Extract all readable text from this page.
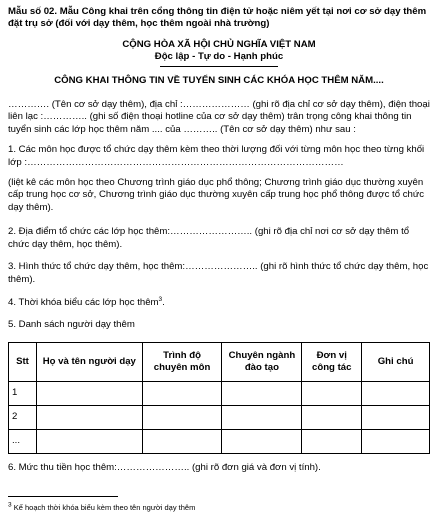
Mẫu số 02. Mẫu Công khai trên cổng thông tin điện tử hoặc niêm yết tại nơi cơ sở dạy thêm đặt trụ sở (đối với dạy thêm, học thêm ngoài nhà trường)

CỘNG HÒA XÃ HỘI CHỦ NGHĨA VIỆT NAM

Độc lập - Tự do - Hạnh phúc

CÔNG KHAI THÔNG TIN VỀ TUYỂN SINH CÁC KHÓA HỌC THÊM NĂM....

…………. (Tên cơ sở dạy thêm), địa chỉ :………………… (ghi rõ địa chỉ cơ sở dạy thêm), điện thoại liên lạc :………….. (ghi số điện thoại hotline của cơ sở dạy thêm) trân trọng công khai thông tin tuyển sinh các lớp học thêm năm .... của ……….. (Tên cơ sở dạy thêm) như sau :

1. Các môn học được tổ chức dạy thêm kèm theo thời lượng đối với từng môn học theo từng khối lớp :………………………………………………………………………………………

(liệt kê các môn học theo Chương trình giáo dục phổ thông; Chương trình giáo dục thường xuyên cấp trung học cơ sở, Chương trình giáo dục thường xuyên cấp trung học phổ thông được tổ chức dạy thêm).

2. Địa điểm tổ chức các lớp học thêm:…………………….. (ghi rõ địa chỉ nơi cơ sở dạy thêm tổ chức dạy thêm, học thêm).

3. Hình thức tổ chức dạy thêm, học thêm:………………….. (ghi rõ hình thức tổ chức dạy thêm, học thêm).

4. Thời khóa biểu các lớp học thêm$^3$.

5. Danh sách người dạy thêm

Stt	Họ và tên người dạy	Trình độ chuyên môn	Chuyên ngành đào tạo	Đơn vị công tác	Ghi chú
1					
2					
...					

6. Mức thu tiền học thêm:………………….. (ghi rõ đơn giá và đơn vị tính).

$^3$ Kế hoạch thời khóa biểu kèm theo tên người dạy thêm
